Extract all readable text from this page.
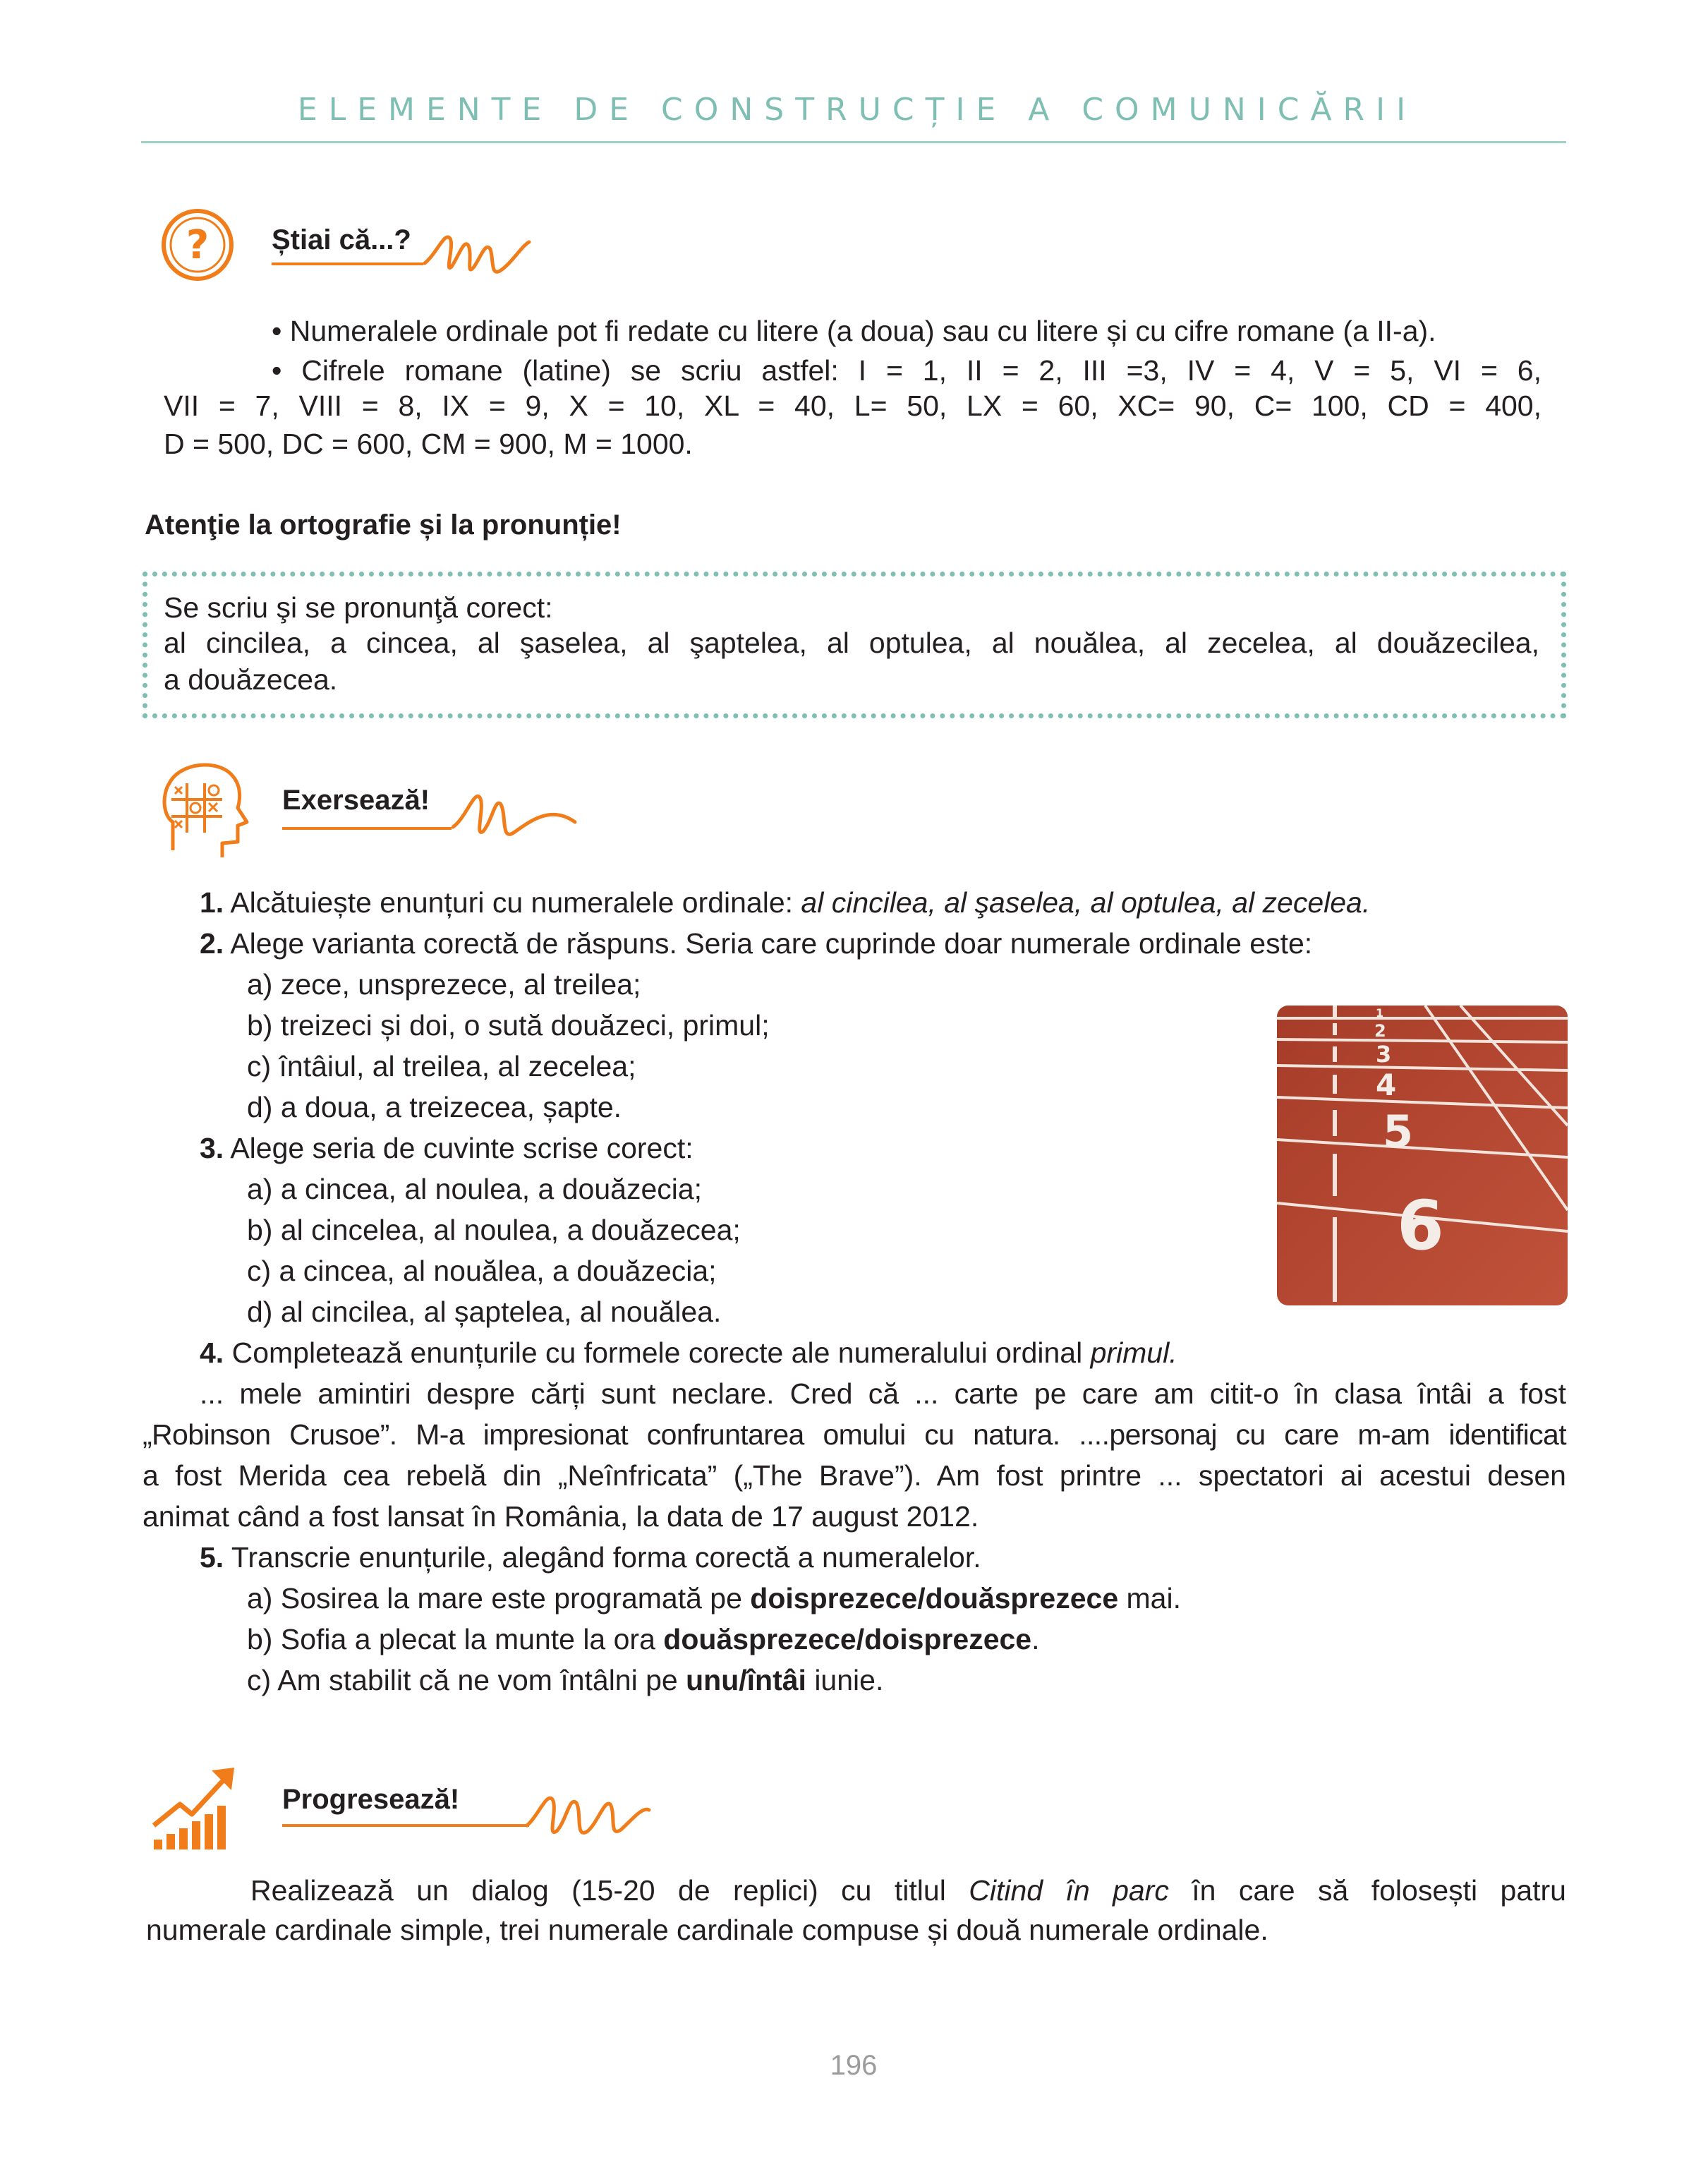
ELEMENTE DE CONSTRUCȚIE A COMUNICĂRII
? Știai că...?
• Numeralele ordinale pot fi redate cu litere (a doua) sau cu litere și cu cifre romane (a II-a).
• Cifrele romane (latine) se scriu astfel: I = 1, II = 2, III =3, IV = 4, V = 5, VI = 6,
VII = 7, VIII = 8, IX = 9, X = 10, XL = 40, L= 50, LX = 60, XC= 90, C= 100, CD = 400,
D = 500, DC = 600, CM = 900, M = 1000.
Atenţie la ortografie și la pronunție!
Se scriu şi se pronunţă corect:
al cincilea, a cincea, al şaselea, al şaptelea, al optulea, al nouălea, al zecelea, al douăzecilea,
a douăzecea.
Exersează!
1. Alcătuiește enunțuri cu numeralele ordinale: al cincilea, al şaselea, al optulea, al zecelea.
2. Alege varianta corectă de răspuns. Seria care cuprinde doar numerale ordinale este:
a) zece, unsprezece, al treilea;
b) treizeci și doi, o sută douăzeci, primul;
c) întâiul, al treilea, al zecelea;
d) a doua, a treizecea, șapte.
3. Alege seria de cuvinte scrise corect:
a) a cincea, al noulea, a douăzecia;
b) al cincelea, al noulea, a douăzecea;
c) a cincea, al nouălea, a douăzecia;
d) al cincilea, al șaptelea, al nouălea.
1
2
3
4
5
6
4. Completează enunțurile cu formele corecte ale numeralului ordinal primul.
... mele amintiri despre cărți sunt neclare. Cred că ... carte pe care am citit-o în clasa întâi a fost
„Robinson Crusoe”. M-a impresionat confruntarea omului cu natura. ....personaj cu care m-am identificat
a fost Merida cea rebelă din „Neînfricata” („The Brave”). Am fost printre ... spectatori ai acestui desen
animat când a fost lansat în România, la data de 17 august 2012.
5. Transcrie enunțurile, alegând forma corectă a numeralelor.
a) Sosirea la mare este programată pe doisprezece/douăsprezece mai.
b) Sofia a plecat la munte la ora douăsprezece/doisprezece.
c) Am stabilit că ne vom întâlni pe unu/întâi iunie.
Progresează!
Realizează un dialog (15-20 de replici) cu titlul Citind în parc în care să folosești patru
numerale cardinale simple, trei numerale cardinale compuse și două numerale ordinale.
196
